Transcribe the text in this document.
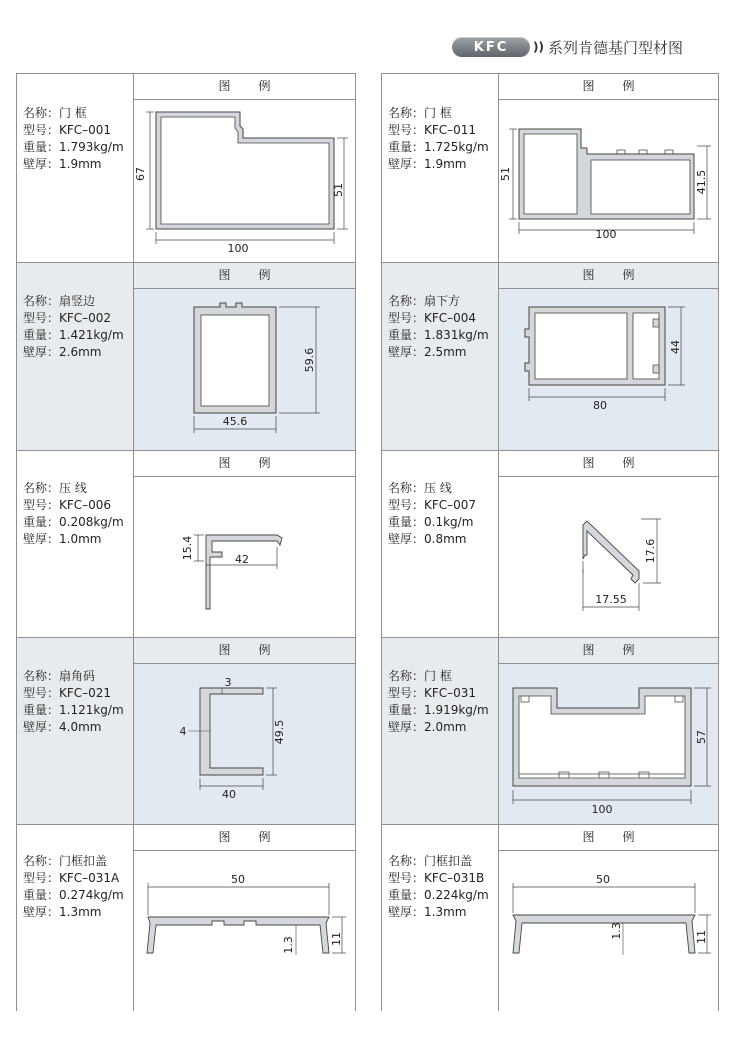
KFC	)) 系列肯德基门型材图
名称：门 框
型号：KFC–001
重量：1.793kg/m
壁厚：1.9mm
图例
100
67
51
名称：扇竖边
型号：KFC–002
重量：1.421kg/m
壁厚：2.6mm
图例
45.6
59.6
名称：压 线
型号：KFC–006
重量：0.208kg/m
壁厚：1.0mm
图例
42
15.4
名称：扇角码
型号：KFC–021
重量：1.121kg/m
壁厚：4.0mm
图例
40
49.5
3
4
名称：门框扣盖
型号：KFC–031A
重量：0.274kg/m
壁厚：1.3mm
图例
50
1.3	11
名称：门 框
型号：KFC–011
重量：1.725kg/m
壁厚：1.9mm
图例
100
51	41.5
名称：扇下方
型号：KFC–004
重量：1.831kg/m
壁厚：2.5mm
图例
80
44
名称：压 线
型号：KFC–007
重量：0.1kg/m
壁厚：0.8mm
图例
17.55
17.6
名称：门 框
型号：KFC–031
重量：1.919kg/m
壁厚：2.0mm
图例
100
57
名称：门框扣盖
型号：KFC–031B
重量：0.224kg/m
壁厚：1.3mm
图例
50
1.3	11
